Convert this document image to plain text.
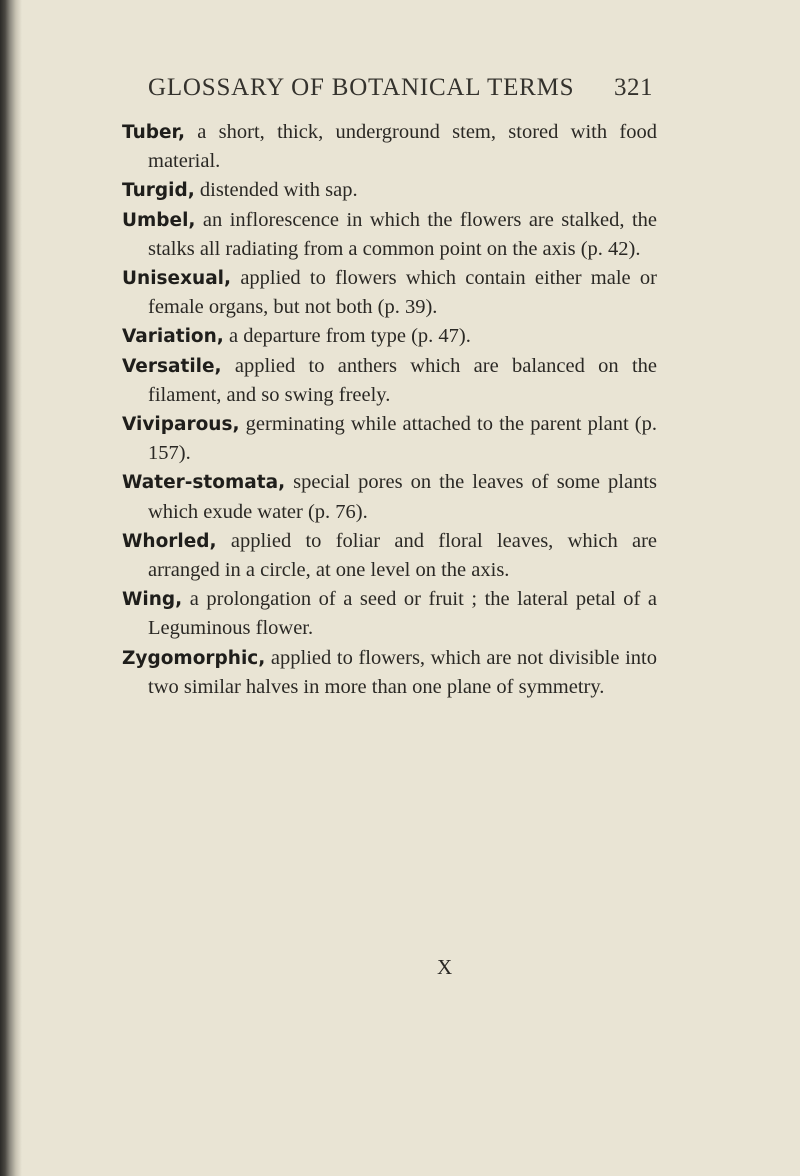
GLOSSARY OF BOTANICAL TERMS 321

Tuber, a short, thick, underground stem, stored with food material.

Turgid, distended with sap.

Umbel, an inflorescence in which the flowers are stalked, the stalks all radiating from a common point on the axis (p. 42).

Unisexual, applied to flowers which contain either male or female organs, but not both (p. 39).

Variation, a departure from type (p. 47).

Versatile, applied to anthers which are balanced on the filament, and so swing freely.

Viviparous, germinating while attached to the parent plant (p. 157).

Water-stomata, special pores on the leaves of some plants which exude water (p. 76).

Whorled, applied to foliar and floral leaves, which are arranged in a circle, at one level on the axis.

Wing, a prolongation of a seed or fruit ; the lateral petal of a Leguminous flower.

Zygomorphic, applied to flowers, which are not divisible into two similar halves in more than one plane of symmetry.

X
